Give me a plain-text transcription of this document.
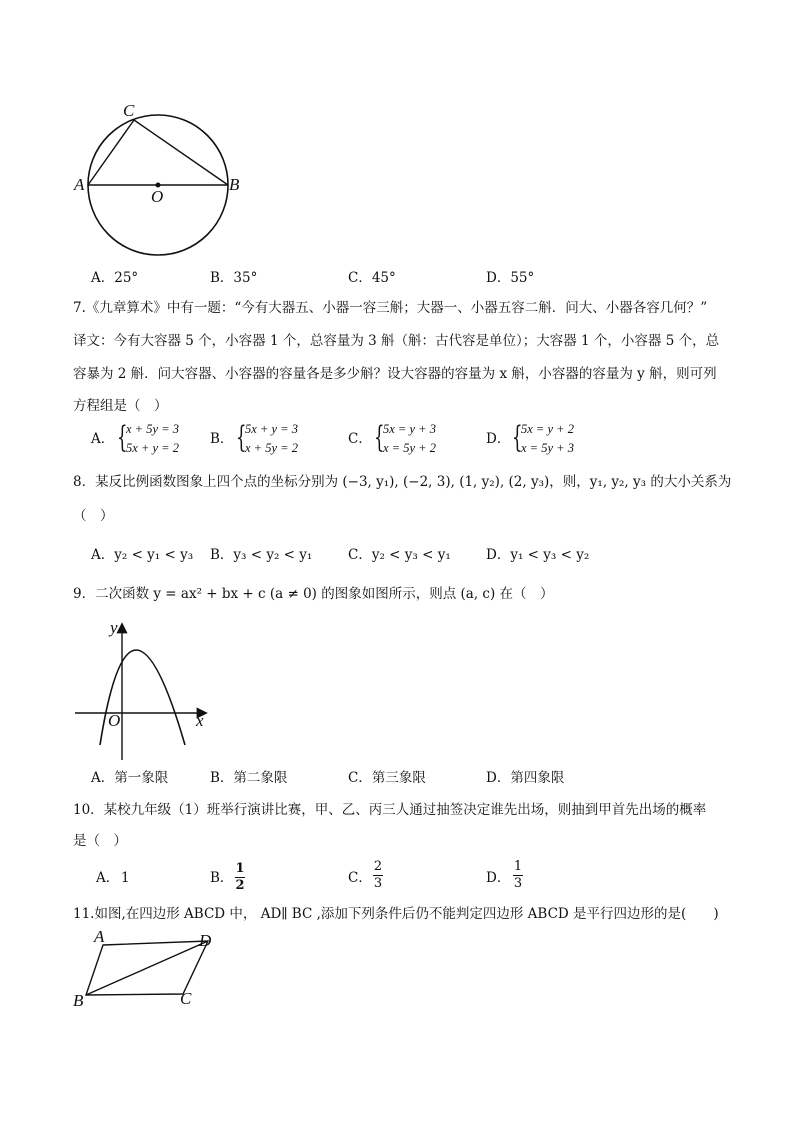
C
A	B
O
A．25°	B．35°	C．45°	D．55°
7.《九章算术》中有一题：“今有大器五、小器一容三斛；大器一、小器五容二斛．问大、小器各容几何？”
译文：今有大容器 5 个，小容器 1 个，总容量为 3 斛（斛：古代容是单位）；大容器 1 个，小容器 5 个，总
容暴为 2 斛．问大容器、小容器的容量各是多少斛？设大容器的容量为 x 斛，小容器的容量为 y 斛，则可列
方程组是（　）
A． {
x + 5y = 3
5x + y = 2
B． {
5x + y = 3
x + 5y = 2
C． {
5x = y + 3
x = 5y + 2
D． {
5x = y + 2
x = 5y + 3
8．某反比例函数图象上四个点的坐标分别为 (−3, y₁), (−2, 3), (1, y₂), (2, y₃)，则，y₁, y₂, y₃ 的大小关系为
（　）
A．y₂ < y₁ < y₃ B．y₃ < y₂ < y₁	C．y₂ < y₃ < y₁	D．y₁ < y₃ < y₂
9．二次函数 y = ax² + bx + c (a ≠ 0) 的图象如图所示，则点 (a, c) 在（　）
y
x
O
A．第一象限	B．第二象限	C．第三象限	D．第四象限
10．某校九年级（1）班举行演讲比赛，甲、乙、丙三人通过抽签决定谁先出场，则抽到甲首先出场的概率
是（　）
A． 1	B．
1
2	C．
2
3	D．
1
3
11.如图,在四边形 ABCD 中， AD∥ BC ,添加下列条件后仍不能判定四边形 ABCD 是平行四边形的是(　　)
A	D
B	C
